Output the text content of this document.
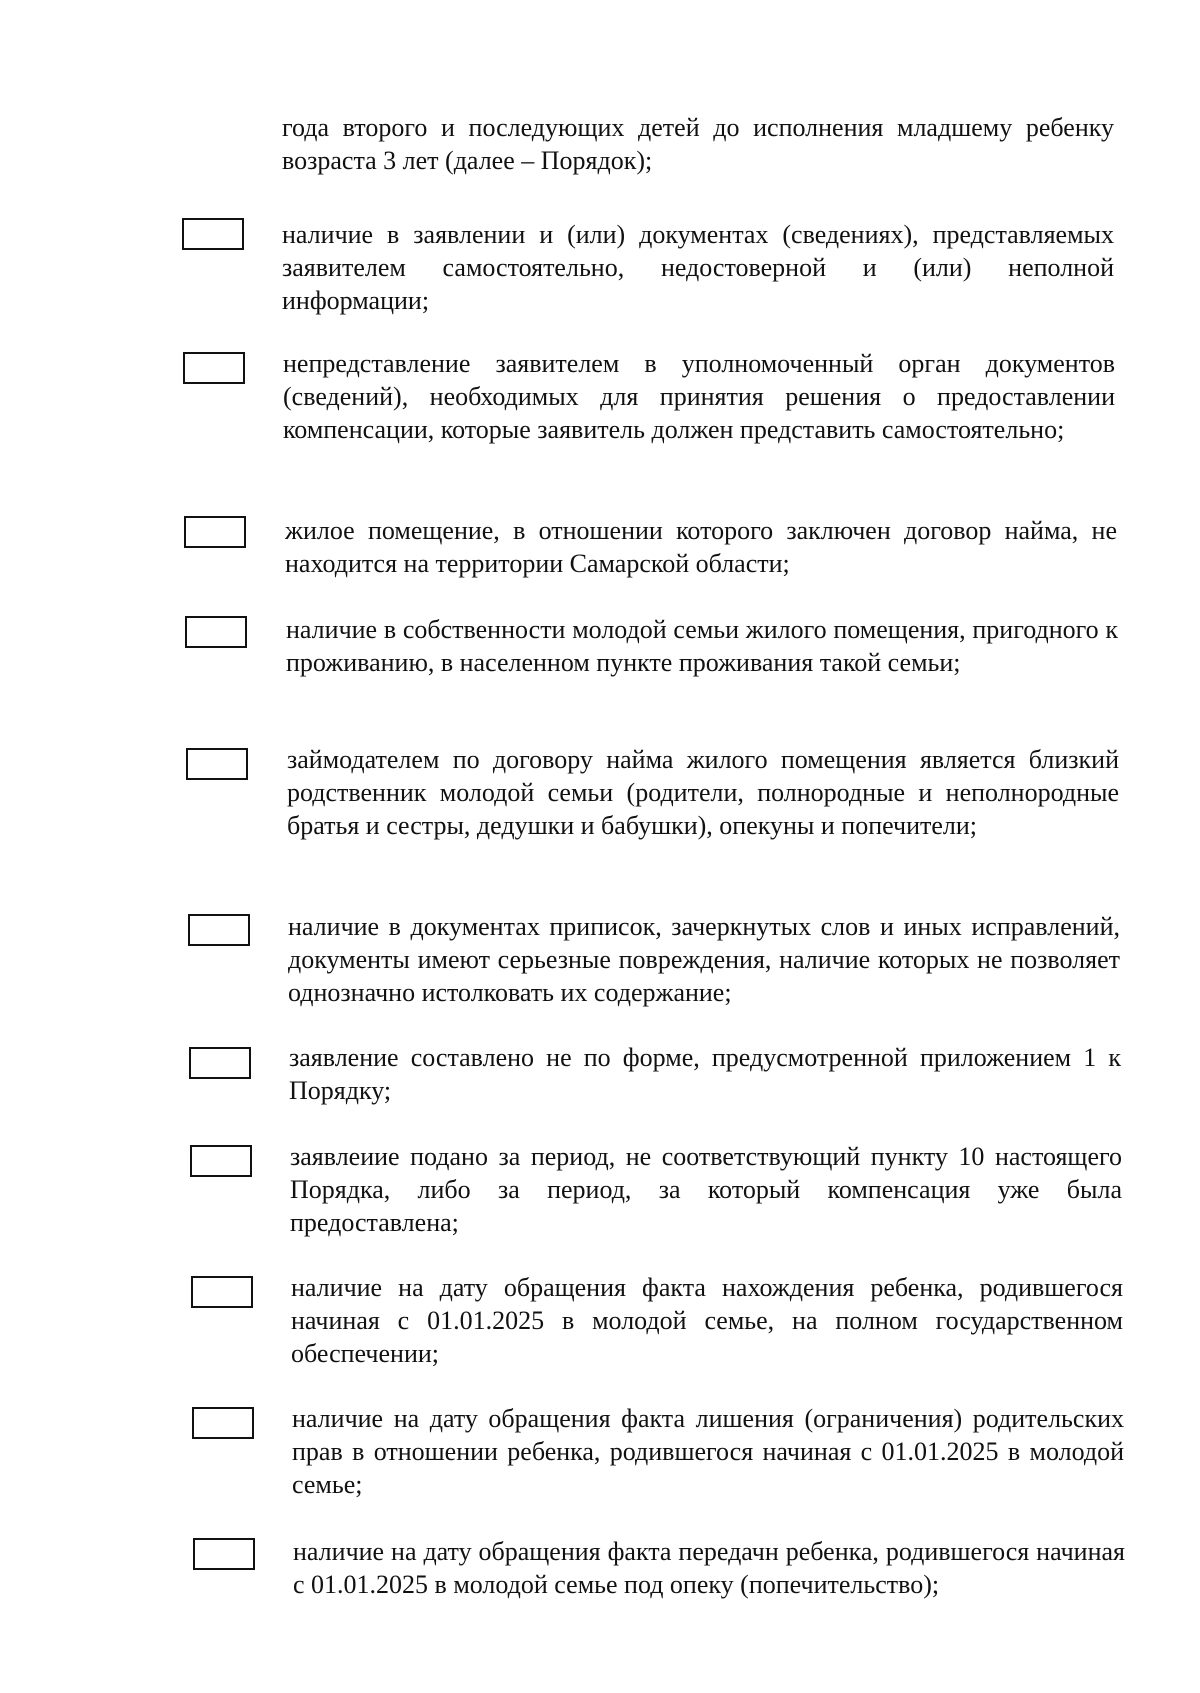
года второго и последующих детей до исполнения младшему ребенку возраста 3 лет (далее – Порядок);

наличие в заявлении и (или) документах (сведениях), представляемых заявителем самостоятельно, недостоверной и (или) неполной информации;

непредставление заявителем в уполномоченный орган документов (сведений), необходимых для принятия решения о предоставлении компенсации, которые заявитель должен представить самостоятельно;

жилое помещение, в отношении которого заключен договор найма, не находится на территории Самарской области;

наличие в собственности молодой семьи жилого помещения, пригодного к проживанию, в населенном пункте проживания такой семьи;

займодателем по договору найма жилого помещения является близкий родственник молодой семьи (родители, полнородные и неполнородные братья и сестры, дедушки и бабушки), опекуны и попечители;

наличие в документах приписок, зачеркнутых слов и иных исправлений, документы имеют серьезные повреждения, наличие которых не позволяет однозначно истолковать их содержание;

заявление составлено не по форме, предусмотренной приложением 1 к Порядку;

заявлеиие подано за период, не соответствующий пункту 10 настоящего Порядка, либо за период, за который компенсация уже была предоставлена;

наличие на дату обращения факта нахождения ребенка, родившегося начиная с 01.01.2025 в молодой семье, на полном государственном обеспечении;

наличие на дату обращения факта лишения (ограничения) родительских прав в отношении ребенка, родившегося начиная с 01.01.2025 в молодой семье;

наличие на дату обращения факта передачн ребенка, родившегося начиная с 01.01.2025 в молодой семье под опеку (попечительство);
